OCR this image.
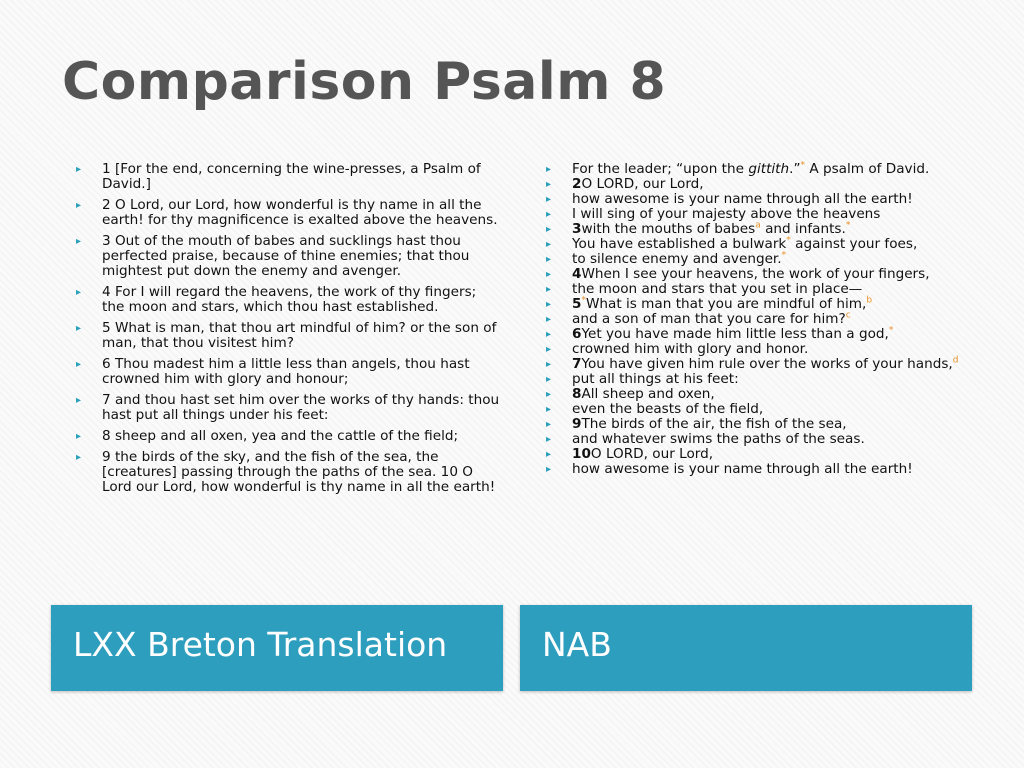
Comparison Psalm 8
▸ 1 [For the end, concerning the wine-presses, a Psalm of David.]
▸ 2 O Lord, our Lord, how wonderful is thy name in all the earth! for thy magnificence is exalted above the heavens.
▸ 3 Out of the mouth of babes and sucklings hast thou perfected praise, because of thine enemies; that thou mightest put down the enemy and avenger.
▸ 4 For I will regard the heavens, the work of thy fingers; the moon and stars, which thou hast established.
▸ 5 What is man, that thou art mindful of him? or the son of man, that thou visitest him?
▸ 6 Thou madest him a little less than angels, thou hast crowned him with glory and honour;
▸ 7 and thou hast set him over the works of thy hands: thou hast put all things under his feet:
▸ 8 sheep and all oxen, yea and the cattle of the field;
▸ 9 the birds of the sky, and the fish of the sea, the [creatures] passing through the paths of the sea. 10 O Lord our Lord, how wonderful is thy name in all the earth!
▸ For the leader; “upon the gittith.”* A psalm of David.
▸ 2O LORD, our Lord,
▸ how awesome is your name through all the earth!
▸ I will sing of your majesty above the heavens
▸ 3with the mouths of babes$^a$ and infants.*
▸ You have established a bulwark* against your foes,
▸ to silence enemy and avenger.*
▸ 4When I see your heavens, the work of your fingers,
▸ the moon and stars that you set in place—
▸ 5*What is man that you are mindful of him,$^b$
▸ and a son of man that you care for him?$^c$
▸ 6Yet you have made him little less than a god,*
▸ crowned him with glory and honor.
▸ 7You have given him rule over the works of your hands,$^d$
▸ put all things at his feet:
▸ 8All sheep and oxen,
▸ even the beasts of the field,
▸ 9The birds of the air, the fish of the sea,
▸ and whatever swims the paths of the seas.
▸ 10O LORD, our Lord,
▸ how awesome is your name through all the earth!
LXX Breton Translation	NAB
